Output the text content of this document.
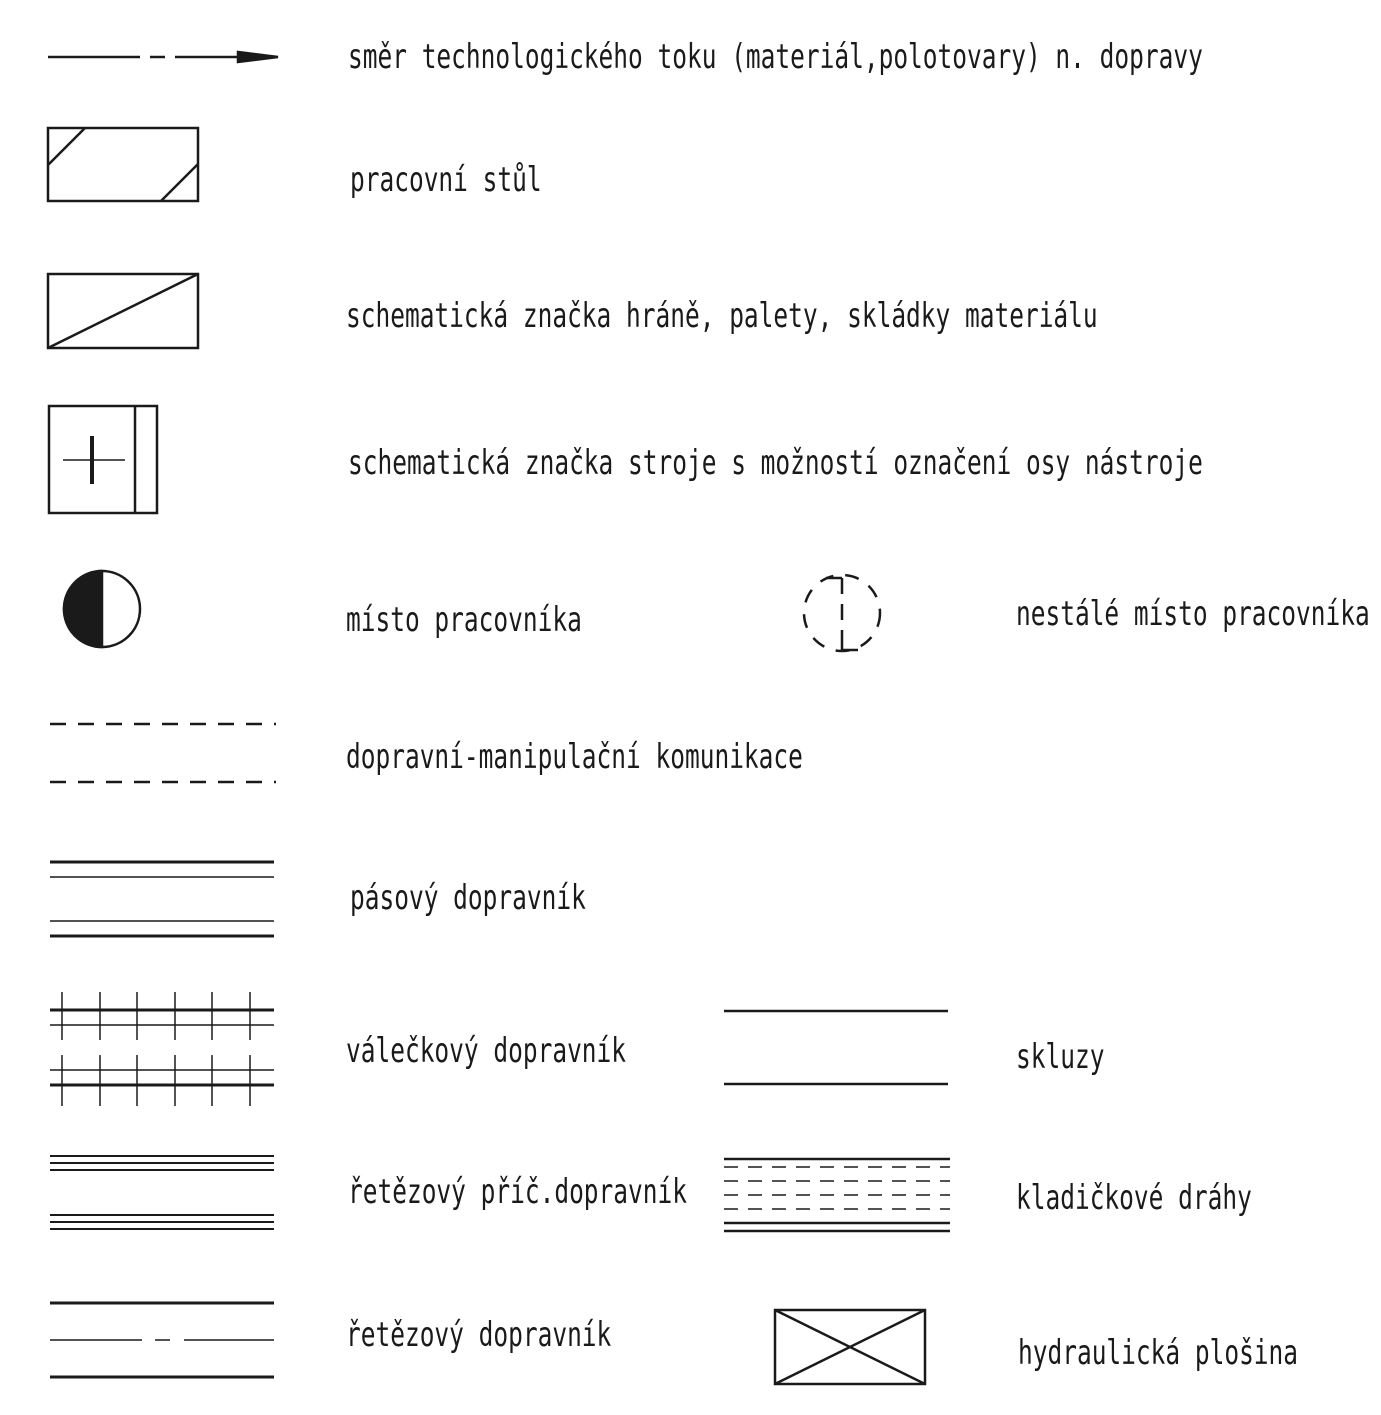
směr technologického toku (materiál,polotovary) n. dopravy
pracovní stůl
schematická značka hráně, palety, skládky materiálu
schematická značka stroje s možností označení osy nástroje
místo pracovníka	nestálé místo pracovníka
dopravní-manipulační komunikace
pásový dopravník
válečkový dopravník	skluzy
řetězový příč.dopravník	kladičkové dráhy
řetězový dopravník	hydraulická plošina
